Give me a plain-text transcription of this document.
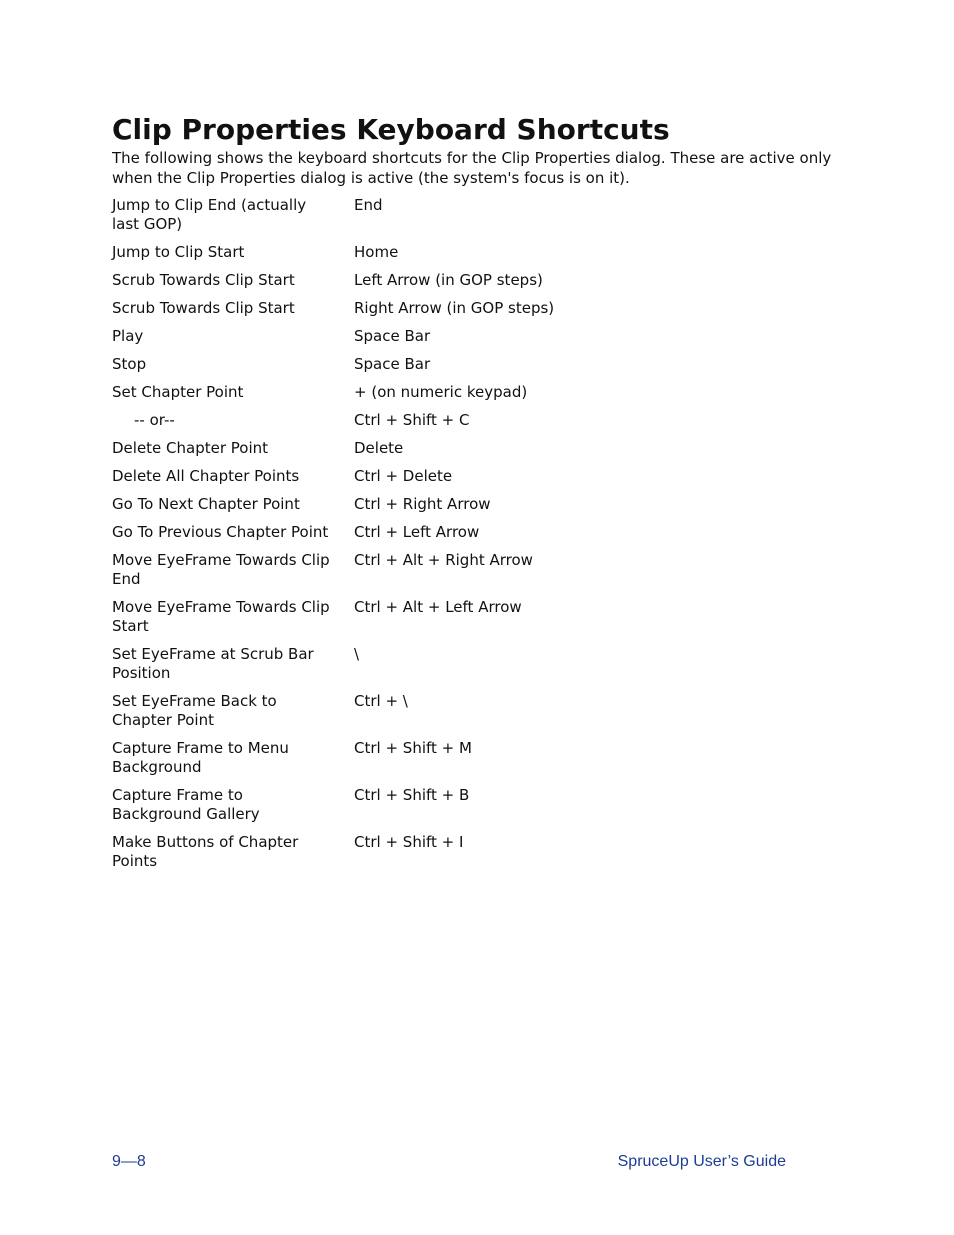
Clip Properties Keyboard Shortcuts

The following shows the keyboard shortcuts for the Clip Properties dialog. These are active only when the Clip Properties dialog is active (the system's focus is on it).

Jump to Clip End (actually last GOP)	End

Jump to Clip Start	Home

Scrub Towards Clip Start	Left Arrow (in GOP steps)

Scrub Towards Clip Start	Right Arrow (in GOP steps)

Play	Space Bar

Stop	Space Bar

Set Chapter Point	+ (on numeric keypad)

-- or--	Ctrl + Shift + C

Delete Chapter Point	Delete

Delete All Chapter Points	Ctrl + Delete

Go To Next Chapter Point	Ctrl + Right Arrow

Go To Previous Chapter Point	Ctrl + Left Arrow

Move EyeFrame Towards Clip End	Ctrl + Alt + Right Arrow

Move EyeFrame Towards Clip Start	Ctrl + Alt + Left Arrow

Set EyeFrame at Scrub Bar Position	\

Set EyeFrame Back to Chapter Point	Ctrl + \

Capture Frame to Menu Background	Ctrl + Shift + M

Capture Frame to Background Gallery	Ctrl + Shift + B

Make Buttons of Chapter Points	Ctrl + Shift + I
9—8	SpruceUp User’s Guide
